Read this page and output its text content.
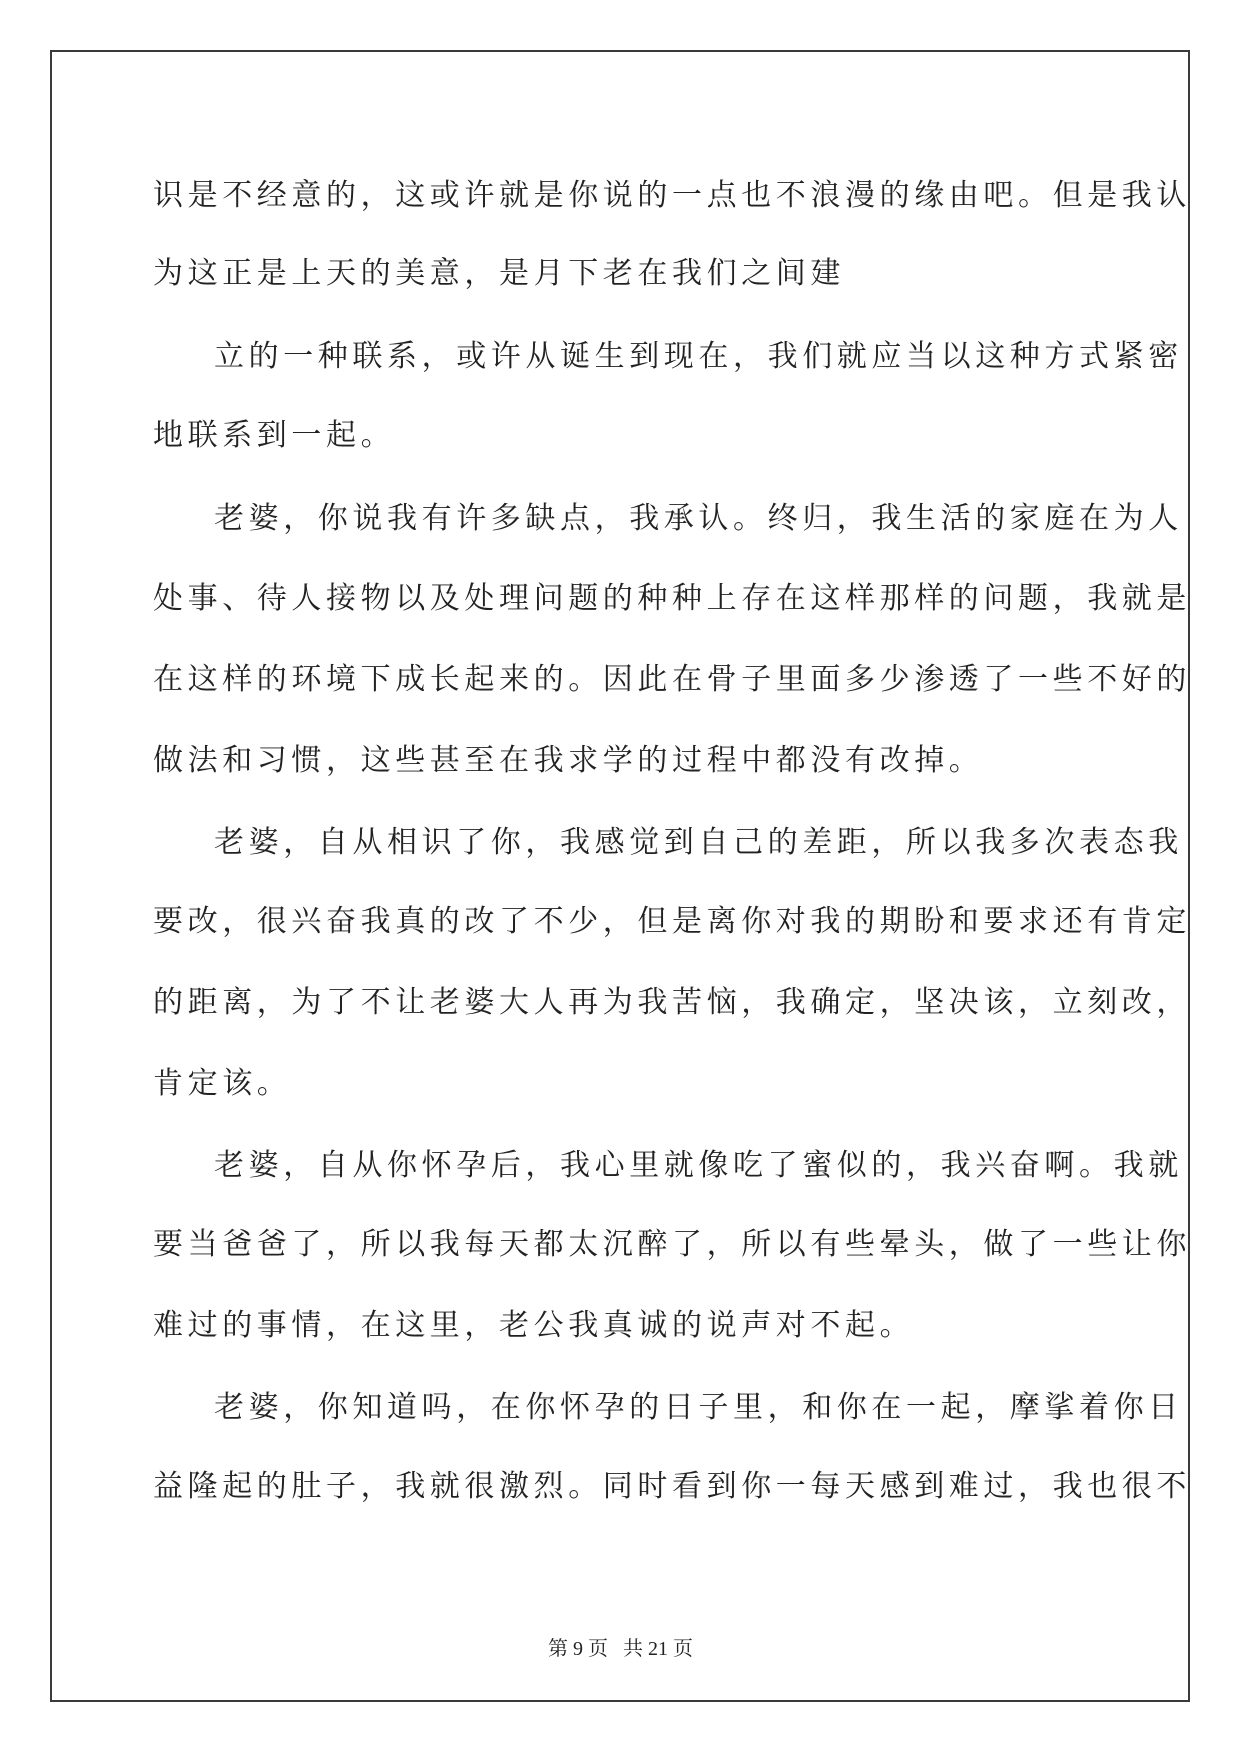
识是不经意的，这或许就是你说的一点也不浪漫的缘由吧。但是我认
为这正是上天的美意，是月下老在我们之间建
立的一种联系，或许从诞生到现在，我们就应当以这种方式紧密
地联系到一起。
老婆，你说我有许多缺点，我承认。终归，我生活的家庭在为人
处事、待人接物以及处理问题的种种上存在这样那样的问题，我就是
在这样的环境下成长起来的。因此在骨子里面多少渗透了一些不好的
做法和习惯，这些甚至在我求学的过程中都没有改掉。
老婆，自从相识了你，我感觉到自己的差距，所以我多次表态我
要改，很兴奋我真的改了不少，但是离你对我的期盼和要求还有肯定
的距离，为了不让老婆大人再为我苦恼，我确定，坚决该，立刻改，
肯定该。
老婆，自从你怀孕后，我心里就像吃了蜜似的，我兴奋啊。我就
要当爸爸了，所以我每天都太沉醉了，所以有些晕头，做了一些让你
难过的事情，在这里，老公我真诚的说声对不起。
老婆，你知道吗，在你怀孕的日子里，和你在一起，摩挲着你日
益隆起的肚子，我就很激烈。同时看到你一每天感到难过，我也很不
第 9 页 共 21 页
